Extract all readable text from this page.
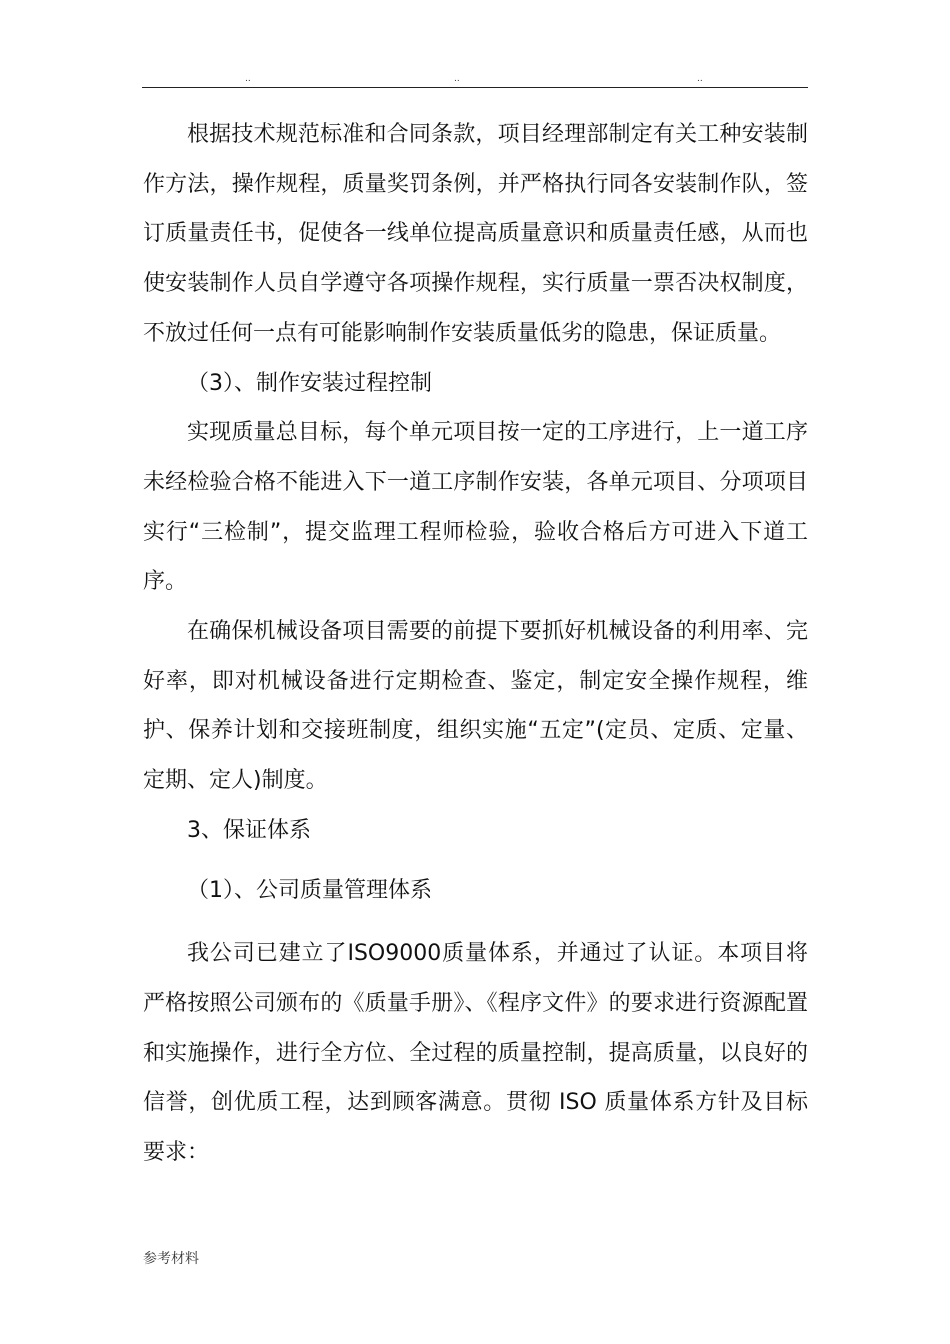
..	..	..

根据技术规范标准和合同条款，项目经理部制定有关工种安装制作方法，操作规程，质量奖罚条例，并严格执行同各安装制作队，签订质量责任书，促使各一线单位提高质量意识和质量责任感，从而也使安装制作人员自学遵守各项操作规程，实行质量一票否决权制度，不放过任何一点有可能影响制作安装质量低劣的隐患，保证质量。

（3）、制作安装过程控制

实现质量总目标，每个单元项目按一定的工序进行，上一道工序未经检验合格不能进入下一道工序制作安装，各单元项目、分项项目实行“三检制”，提交监理工程师检验，验收合格后方可进入下道工序。

在确保机械设备项目需要的前提下要抓好机械设备的利用率、完好率，即对机械设备进行定期检查、鉴定，制定安全操作规程，维护、保养计划和交接班制度，组织实施“五定”(定员、定质、定量、定期、定人)制度。

3、保证体系

（1）、公司质量管理体系

我公司已建立了ISO9000质量体系，并通过了认证。本项目将严格按照公司颁布的《质量手册》、《程序文件》的要求进行资源配置和实施操作，进行全方位、全过程的质量控制，提高质量，以良好的信誉，创优质工程，达到顾客满意。贯彻 ISO 质量体系方针及目标要求：

参考材料
